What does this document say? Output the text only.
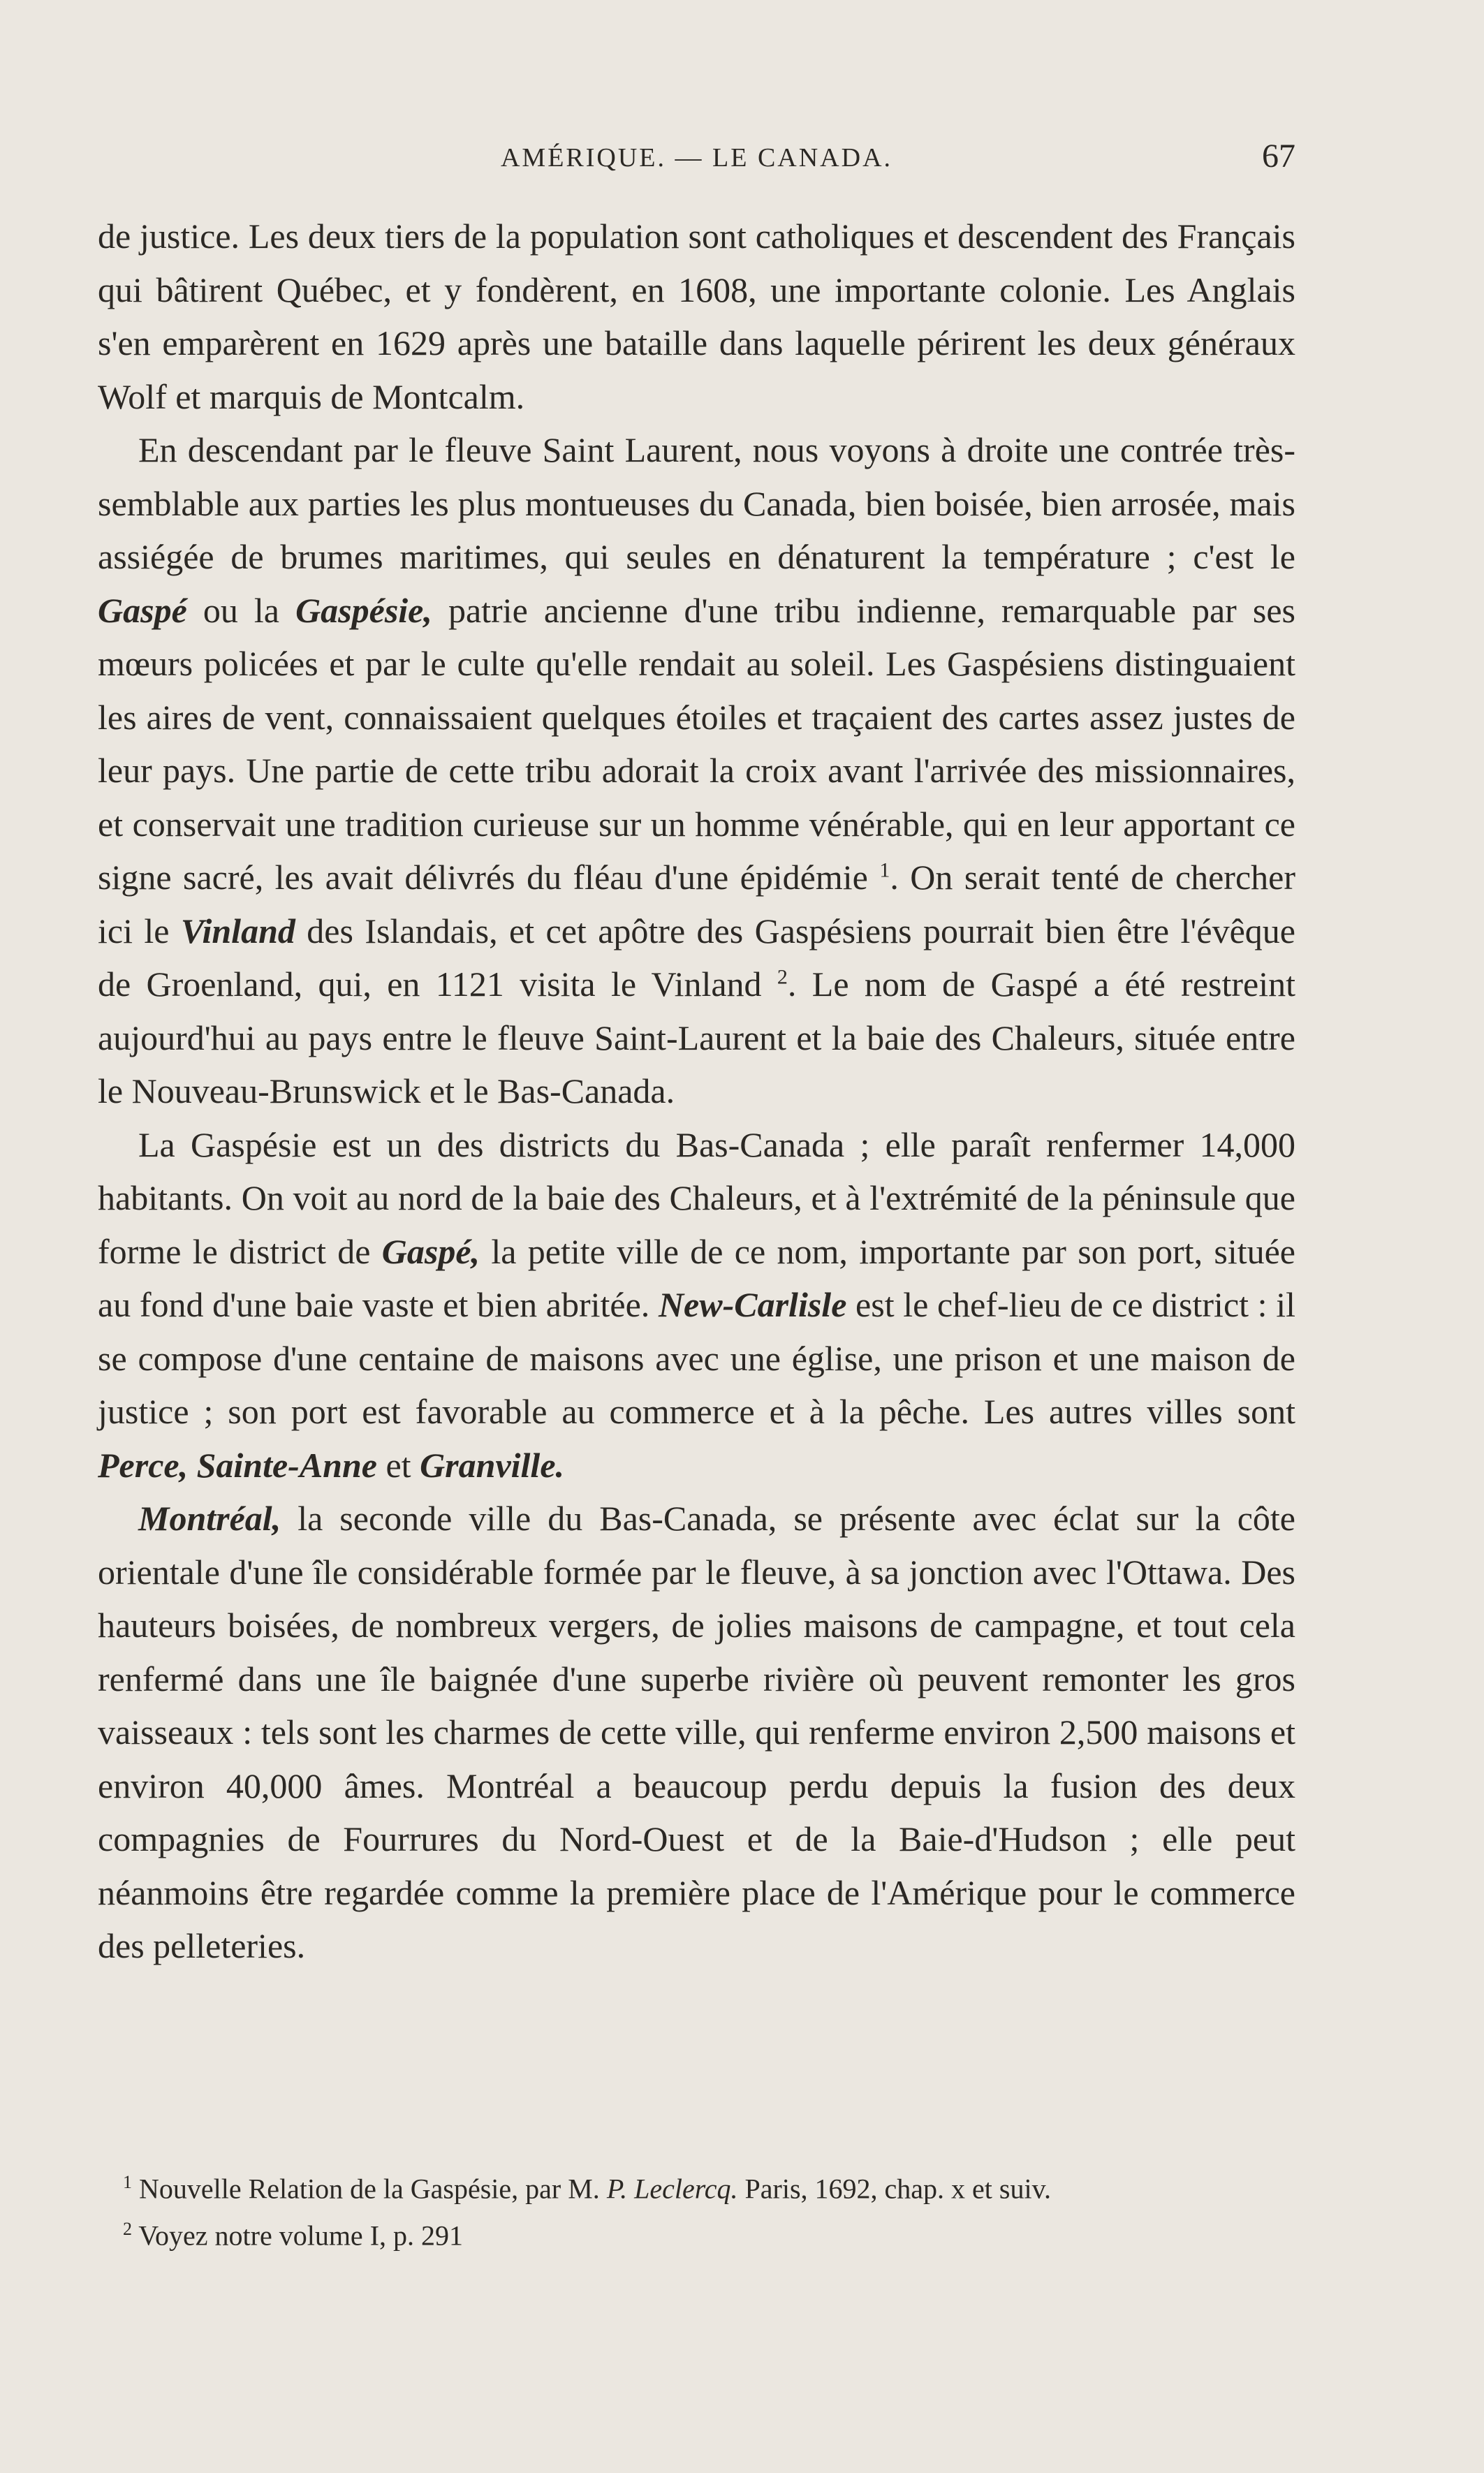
AMÉRIQUE. — LE CANADA.	67

de justice. Les deux tiers de la population sont catholiques et descendent des Français qui bâtirent Québec, et y fondèrent, en 1608, une importante colonie. Les Anglais s'en emparèrent en 1629 après une bataille dans laquelle périrent les deux généraux Wolf et marquis de Montcalm.

En descendant par le fleuve Saint Laurent, nous voyons à droite une contrée très-semblable aux parties les plus montueuses du Canada, bien boisée, bien arrosée, mais assiégée de brumes maritimes, qui seules en dénaturent la température ; c'est le Gaspé ou la Gaspésie, patrie ancienne d'une tribu indienne, remarquable par ses mœurs policées et par le culte qu'elle rendait au soleil. Les Gaspésiens distinguaient les aires de vent, connaissaient quelques étoiles et traçaient des cartes assez justes de leur pays. Une partie de cette tribu adorait la croix avant l'arrivée des missionnaires, et conservait une tradition curieuse sur un homme vénérable, qui en leur apportant ce signe sacré, les avait délivrés du fléau d'une épidémie $^1$. On serait tenté de chercher ici le Vinland des Islandais, et cet apôtre des Gaspésiens pourrait bien être l'évêque de Groenland, qui, en 1121 visita le Vinland $^2$. Le nom de Gaspé a été restreint aujourd'hui au pays entre le fleuve Saint-Laurent et la baie des Chaleurs, située entre le Nouveau-Brunswick et le Bas-Canada.

La Gaspésie est un des districts du Bas-Canada ; elle paraît renfermer 14,000 habitants. On voit au nord de la baie des Chaleurs, et à l'extrémité de la péninsule que forme le district de Gaspé, la petite ville de ce nom, importante par son port, située au fond d'une baie vaste et bien abritée. New-Carlisle est le chef-lieu de ce district : il se compose d'une centaine de maisons avec une église, une prison et une maison de justice ; son port est favorable au commerce et à la pêche. Les autres villes sont Perce, Sainte-Anne et Granville.

Montréal, la seconde ville du Bas-Canada, se présente avec éclat sur la côte orientale d'une île considérable formée par le fleuve, à sa jonction avec l'Ottawa. Des hauteurs boisées, de nombreux vergers, de jolies maisons de campagne, et tout cela renfermé dans une île baignée d'une superbe rivière où peuvent remonter les gros vaisseaux : tels sont les charmes de cette ville, qui renferme environ 2,500 maisons et environ 40,000 âmes. Montréal a beaucoup perdu depuis la fusion des deux compagnies de Fourrures du Nord-Ouest et de la Baie-d'Hudson ; elle peut néanmoins être regardée comme la première place de l'Amérique pour le commerce des pelleteries.

$^1$ Nouvelle Relation de la Gaspésie, par M. P. Leclercq. Paris, 1692, chap. x et suiv.

$^2$ Voyez notre volume I, p. 291
